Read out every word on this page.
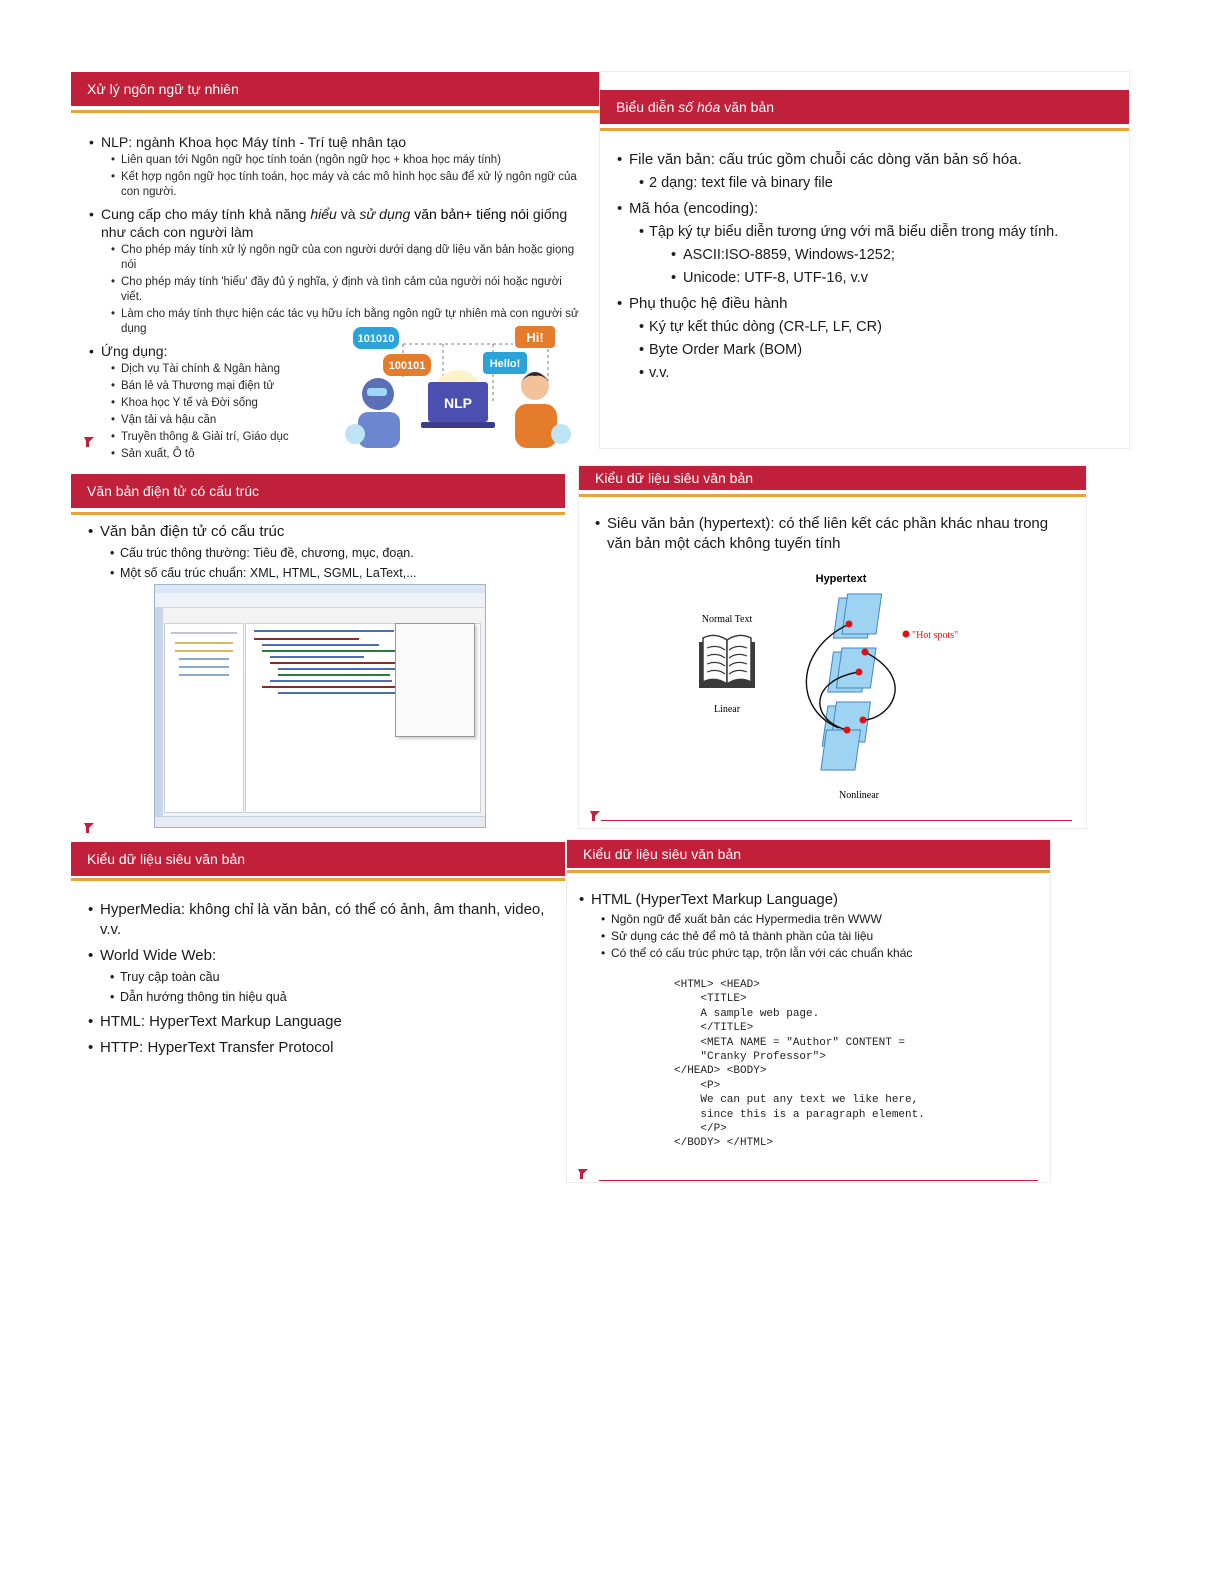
Xử lý ngôn ngữ tự nhiên
• NLP: ngành Khoa học Máy tính - Trí tuệ nhân tạo
• Liên quan tới Ngôn ngữ học tính toán (ngôn ngữ học + khoa học máy tính)
• Kết hợp ngôn ngữ học tính toán, học máy và các mô hình học sâu để xử lý ngôn ngữ của con người.
• Cung cấp cho máy tính khả năng hiểu và sử dụng văn bản+ tiếng nói giống như cách con người làm
• Cho phép máy tính xử lý ngôn ngữ của con người dưới dạng dữ liệu văn bản hoặc giọng nói
• Cho phép máy tính 'hiểu' đầy đủ ý nghĩa, ý định và tình cảm của người nói hoặc người viết.
• Làm cho máy tính thực hiện các tác vụ hữu ích bằng ngôn ngữ tự nhiên mà con người sử dụng
• Ứng dụng:
• Dịch vụ Tài chính & Ngân hàng
• Bán lẻ và Thương mại điện tử
• Khoa học Y tế và Đời sống
• Vận tải và hậu cần
• Truyền thông & Giải trí, Giáo dục
• Sản xuất, Ô tô
101010
100101
Hi!
Hello!
NLP
Biểu diễn số hóa văn bản
• File văn bản: cấu trúc gồm chuỗi các dòng văn bản số hóa.
• 2 dạng: text file và binary file
• Mã hóa (encoding):
• Tập ký tự biểu diễn tương ứng với mã biểu diễn trong máy tính.
• ASCII:ISO-8859, Windows-1252;
• Unicode: UTF-8, UTF-16, v.v
• Phụ thuộc hệ điều hành
• Ký tự kết thúc dòng (CR-LF, LF, CR)
• Byte Order Mark (BOM)
• v.v.
Văn bản điện tử có cấu trúc
• Văn bản điện tử có cấu trúc
• Cấu trúc thông thường: Tiêu đề, chương, mục, đoạn.
• Một số cấu trúc chuẩn: XML, HTML, SGML, LaText,...
Kiểu dữ liệu siêu văn bản
• Siêu văn bản (hypertext): có thể liên kết các phần khác nhau trong văn bản một cách không tuyến tính
Hypertext
Normal Text
Linear
"Hot spots"
Nonlinear
Kiểu dữ liệu siêu văn bản
• HyperMedia: không chỉ là văn bản, có thể có ảnh, âm thanh, video, v.v.
• World Wide Web:
• Truy cập toàn cầu
• Dẫn hướng thông tin hiệu quả
• HTML: HyperText Markup Language
• HTTP: HyperText Transfer Protocol
Kiểu dữ liệu siêu văn bản
• HTML (HyperText Markup Language)
• Ngôn ngữ để xuất bản các Hypermedia trên WWW
• Sử dụng các thẻ để mô tả thành phần của tài liệu
• Có thể có cấu trúc phức tạp, trộn lẫn với các chuẩn khác
<HTML> <HEAD>
<TITLE>
A sample web page.
</TITLE>
<META NAME = "Author" CONTENT =
"Cranky Professor">
</HEAD> <BODY>
<P>
We can put any text we like here,
since this is a paragraph element.
</P>
</BODY> </HTML>
